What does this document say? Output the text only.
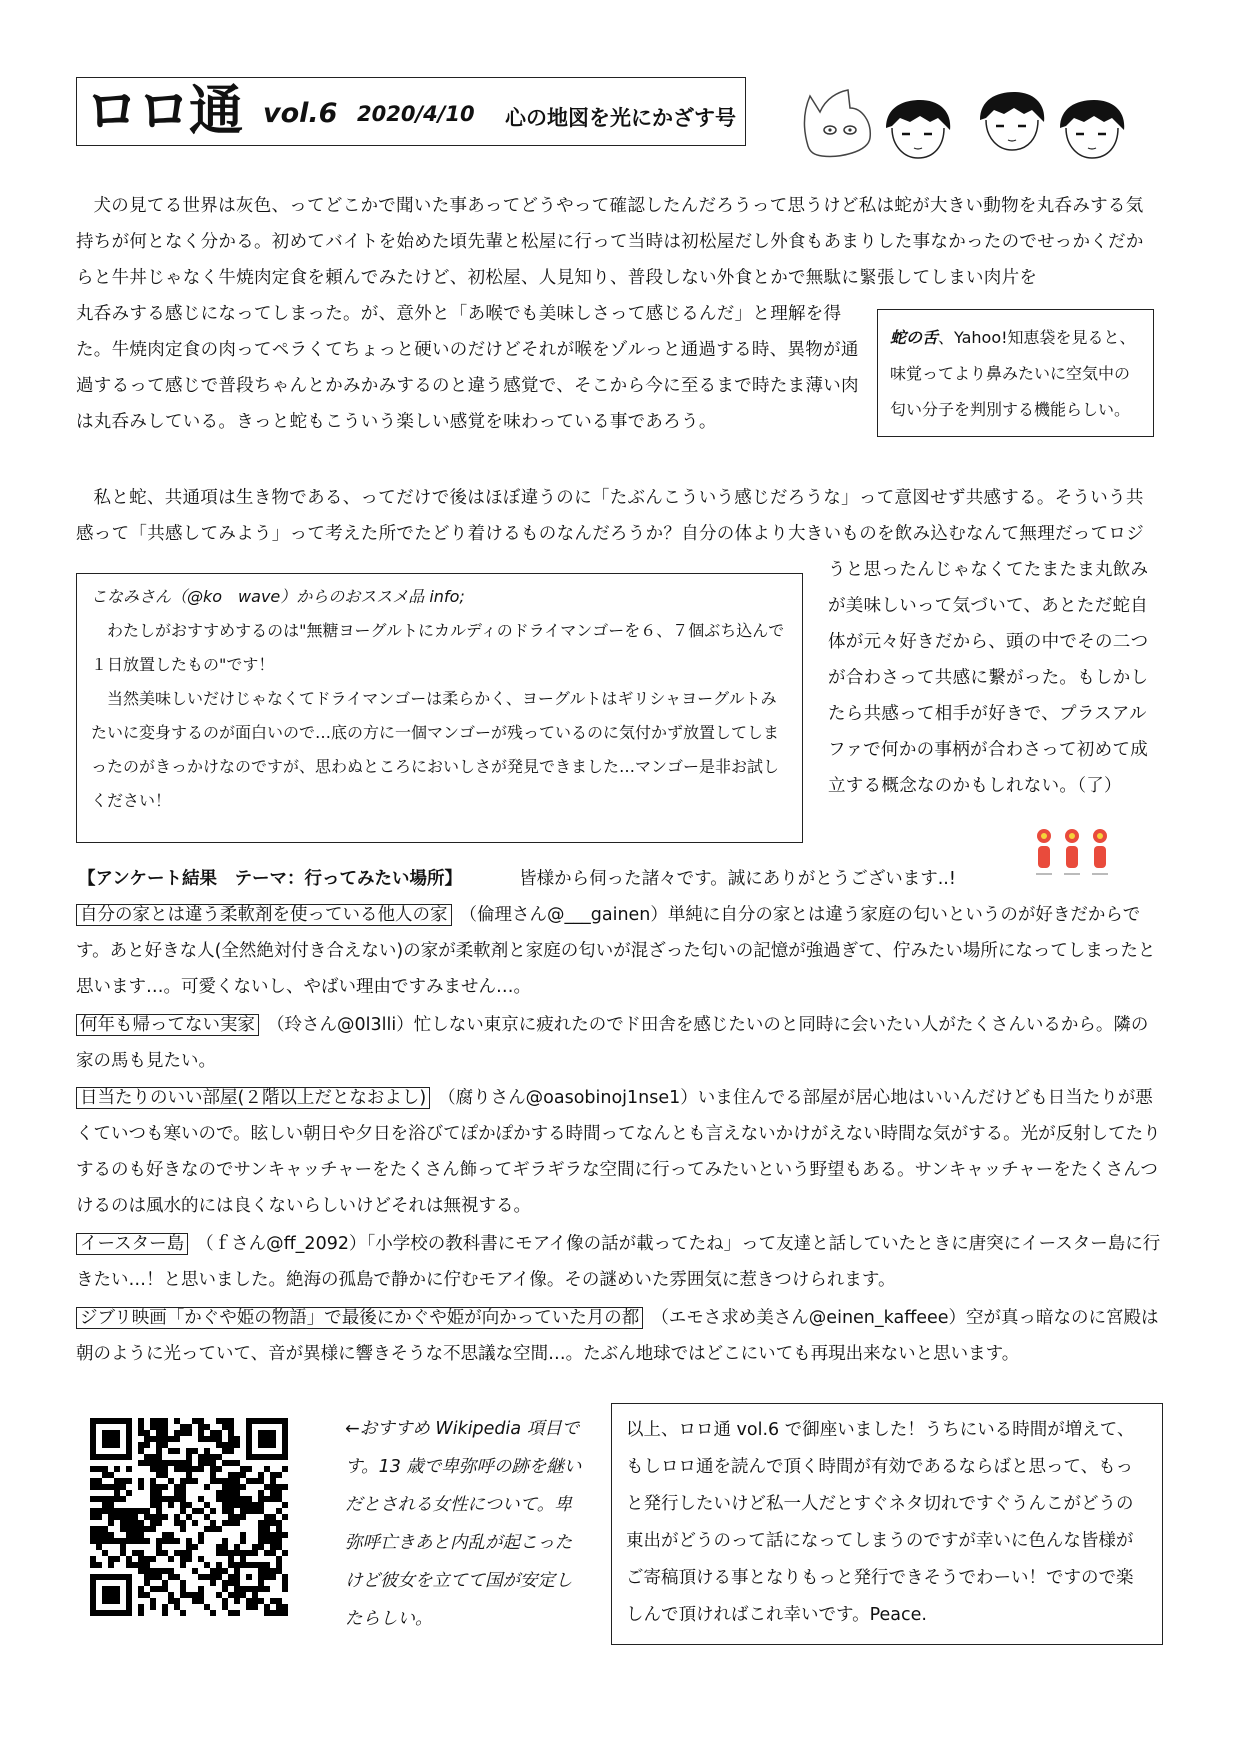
ロロ通 vol.6 2020/4/10 心の地図を光にかざす号
犬の見てる世界は灰色、ってどこかで聞いた事あってどうやって確認したんだろうって思うけど私は蛇が大きい動物を丸呑みする気持ちが何となく分かる。初めてバイトを始めた頃先輩と松屋に行って当時は初松屋だし外食もあまりした事なかったのでせっかくだからと牛丼じゃなく牛焼肉定食を頼んでみたけど、初松屋、人見知り、普段しない外食とかで無駄に緊張してしまい肉片を
丸呑みする感じになってしまった。が、意外と「あ喉でも美味しさって感じるんだ」と理解を得た。牛焼肉定食の肉ってペラくてちょっと硬いのだけどそれが喉をゾルっと通過する時、異物が通過するって感じで普段ちゃんとかみかみするのと違う感覚で、そこから今に至るまで時たま薄い肉は丸呑みしている。きっと蛇もこういう楽しい感覚を味わっている事であろう。
蛇の舌、Yahoo!知恵袋を見ると、味覚ってより鼻みたいに空気中の匂い分子を判別する機能らしい。
私と蛇、共通項は生き物である、ってだけで後はほぼ違うのに「たぶんこういう感じだろうな」って意図せず共感する。そういう共感って「共感してみよう」って考えた所でたどり着けるものなんだろうか？自分の体より大きいものを飲み込むなんて無理だってロジ
うと思ったんじゃなくてたまたま丸飲みが美味しいって気づいて、あとただ蛇自体が元々好きだから、頭の中でその二つが合わさって共感に繋がった。もしかしたら共感って相手が好きで、プラスアルファで何かの事柄が合わさって初めて成立する概念なのかもしれない。（了）
こなみさん（@ko　wave）からのおススメ品 info;
わたしがおすすめするのは"無糖ヨーグルトにカルディのドライマンゴーを６、７個ぶち込んで１日放置したもの"です！
当然美味しいだけじゃなくてドライマンゴーは柔らかく、ヨーグルトはギリシャヨーグルトみたいに変身するのが面白いので…底の方に一個マンゴーが残っているのに気付かず放置してしまったのがきっかけなのですが、思わぬところにおいしさが発見できました…マンゴー是非お試しください！
【アンケート結果　テーマ：行ってみたい場所】	皆様から伺った諸々です。誠にありがとうございます..!
自分の家とは違う柔軟剤を使っている他人の家 （倫理さん@___gainen）単純に自分の家とは違う家庭の匂いというのが好きだからです。あと好きな人(全然絶対付き合えない)の家が柔軟剤と家庭の匂いが混ざった匂いの記憶が強過ぎて、佇みたい場所になってしまったと思います…。可愛くないし、やばい理由ですみません…。
何年も帰ってない実家 （玲さん@0l3lli）忙しない東京に疲れたのでド田舎を感じたいのと同時に会いたい人がたくさんいるから。隣の家の馬も見たい。
日当たりのいい部屋(２階以上だとなおよし) （腐りさん@oasobinoj1nse1）いま住んでる部屋が居心地はいいんだけども日当たりが悪くていつも寒いので。眩しい朝日や夕日を浴びてぽかぽかする時間ってなんとも言えないかけがえない時間な気がする。光が反射してたりするのも好きなのでサンキャッチャーをたくさん飾ってギラギラな空間に行ってみたいという野望もある。サンキャッチャーをたくさんつけるのは風水的には良くないらしいけどそれは無視する。
イースター島 （ｆさん@ff_2092）「小学校の教科書にモアイ像の話が載ってたね」って友達と話していたときに唐突にイースター島に行きたい…！と思いました。絶海の孤島で静かに佇むモアイ像。その謎めいた雰囲気に惹きつけられます。
ジブリ映画「かぐや姫の物語」で最後にかぐや姫が向かっていた月の都 （エモさ求め美さん@einen_kaffeee）空が真っ暗なのに宮殿は朝のように光っていて、音が異様に響きそうな不思議な空間…。たぶん地球ではどこにいても再現出来ないと思います。
←おすすめ Wikipedia 項目です。13 歳で卑弥呼の跡を継いだとされる女性について。卑弥呼亡きあと内乱が起こったけど彼女を立てて国が安定したらしい。
以上、ロロ通 vol.6 で御座いました！うちにいる時間が増えて、もしロロ通を読んで頂く時間が有効であるならばと思って、もっと発行したいけど私一人だとすぐネタ切れですぐうんこがどうの東出がどうのって話になってしまうのですが幸いに色んな皆様がご寄稿頂ける事となりもっと発行できそうでわーい！ですので楽しんで頂ければこれ幸いです。Peace.
